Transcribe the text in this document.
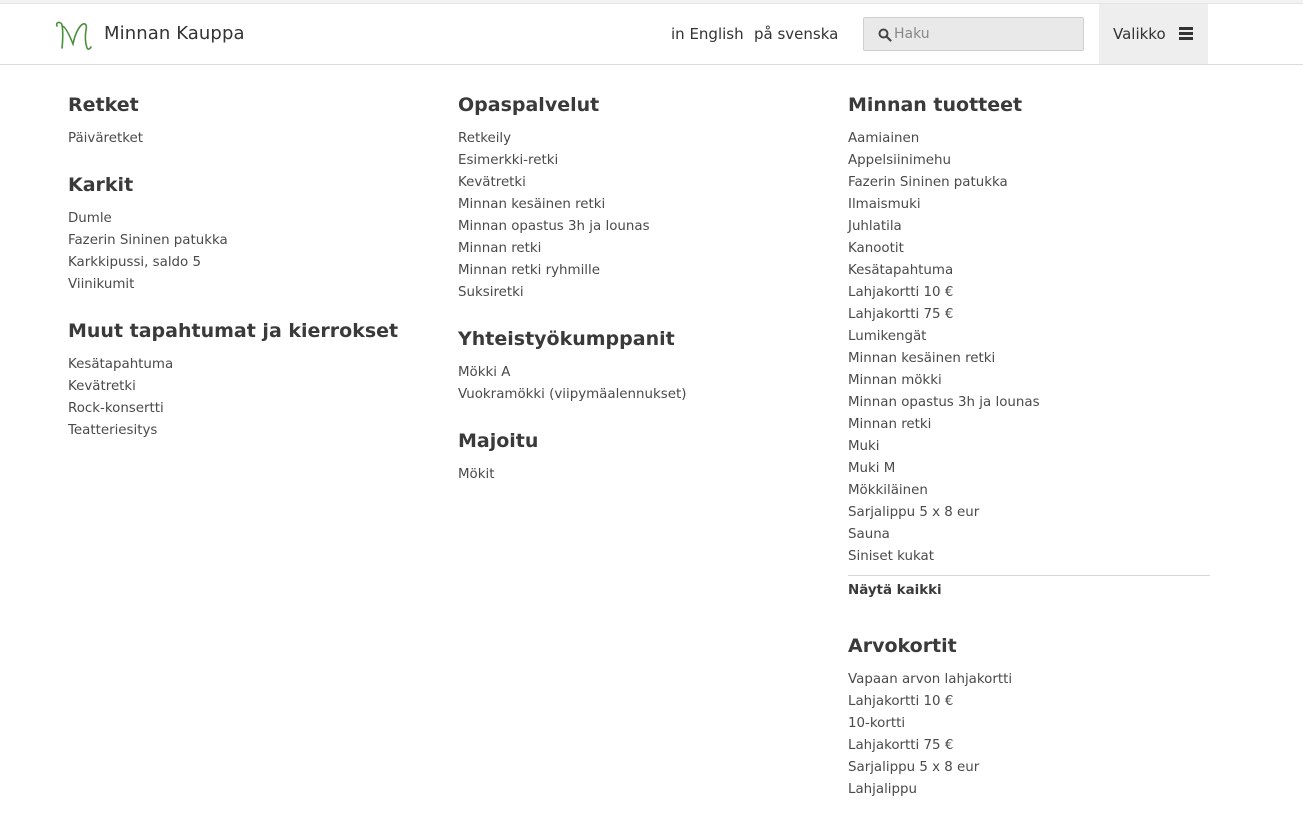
Minnan Kauppa	in English på svenska
Haku	Valikko
Retket
Päiväretket
Karkit
Dumle
Fazerin Sininen patukka
Karkkipussi, saldo 5
Viinikumit
Muut tapahtumat ja kierrokset
Kesätapahtuma
Kevätretki
Rock-konsertti
Teatteriesitys
Opaspalvelut
Retkeily
Esimerkki-retki
Kevätretki
Minnan kesäinen retki
Minnan opastus 3h ja lounas
Minnan retki
Minnan retki ryhmille
Suksiretki
Yhteistyökumppanit
Mökki A
Vuokramökki (viipymäalennukset)
Majoitu
Mökit
Minnan tuotteet
Aamiainen
Appelsiinimehu
Fazerin Sininen patukka
Ilmaismuki
Juhlatila
Kanootit
Kesätapahtuma
Lahjakortti 10 €
Lahjakortti 75 €
Lumikengät
Minnan kesäinen retki
Minnan mökki
Minnan opastus 3h ja lounas
Minnan retki
Muki
Muki M
Mökkiläinen
Sarjalippu 5 x 8 eur
Sauna
Siniset kukat
Näytä kaikki
Arvokortit
Vapaan arvon lahjakortti
Lahjakortti 10 €
10-kortti
Lahjakortti 75 €
Sarjalippu 5 x 8 eur
Lahjalippu
